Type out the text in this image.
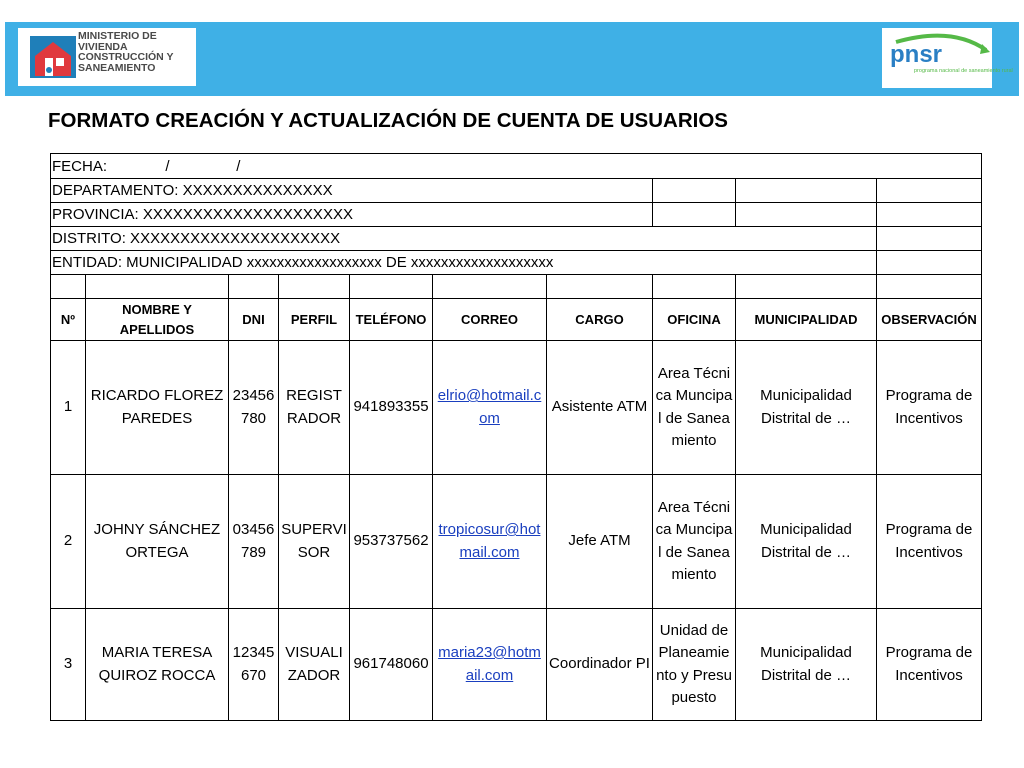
MINISTERIO DE VIVIENDA CONSTRUCCIÓN Y SANEAMIENTO	pnsr
programa nacional de saneamiento rural
FORMATO CREACIÓN Y ACTUALIZACIÓN DE CUENTA DE USUARIOS
FECHA:              /                /									
DEPARTAMENTO: XXXXXXXXXXXXXXX									
PROVINCIA: XXXXXXXXXXXXXXXXXXXXX									
DISTRITO: XXXXXXXXXXXXXXXXXXXXX									
ENTIDAD: MUNICIPALIDAD xxxxxxxxxxxxxxxxxx DE xxxxxxxxxxxxxxxxxxx									

Nº	NOMBRE Y APELLIDOS	DNI	PERFIL	TELÉFONO	CORREO	CARGO	OFICINA	MUNICIPALIDAD	OBSERVACIÓN
1	RICARDO FLOREZ PAREDES	23456780	REGISTRADOR	941893355	elrio@hotmail.com	Asistente ATM	Area Técnica Muncipal de Saneamiento	Municipalidad Distrital de …	Programa de Incentivos
2	JOHNY SÁNCHEZ ORTEGA	03456789	SUPERVISOR	953737562	tropicosur@hotmail.com	Jefe ATM	Area Técnica Muncipal de Saneamiento	Municipalidad Distrital de …	Programa de Incentivos
3	MARIA TERESA QUIROZ ROCCA	12345670	VISUALIZADOR	961748060	maria23@hotmail.com	Coordinador PI	Unidad de Planeamiento y Presupuesto	Municipalidad Distrital de …	Programa de Incentivos
